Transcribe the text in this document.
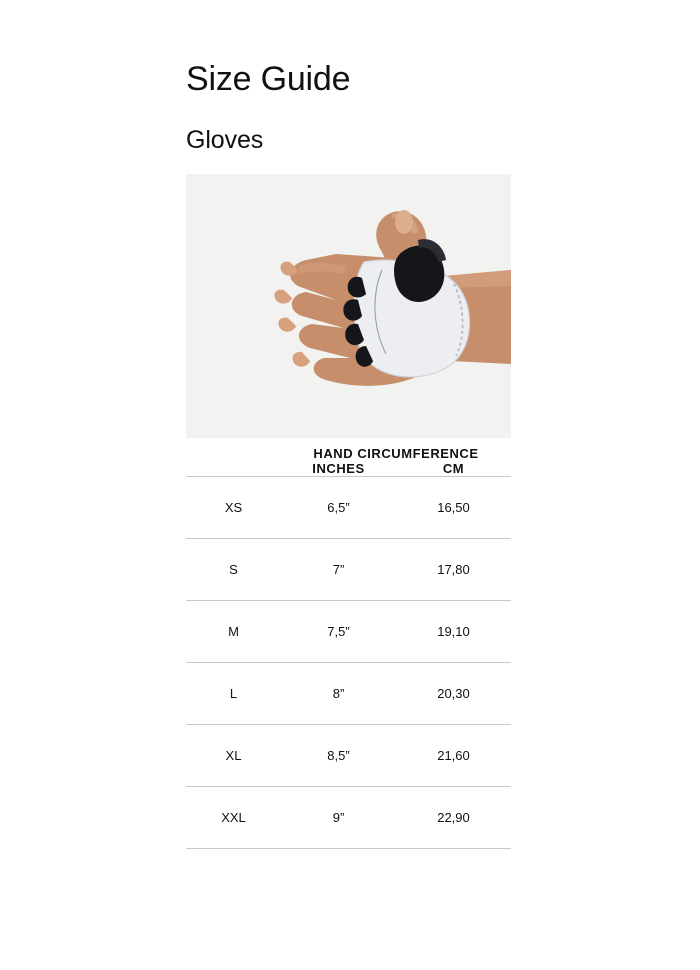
Size Guide
Gloves
	HAND CIRCUMFERENCE	
	INCHES	CM
XS	6,5”	16,50
S	7”	17,80
M	7,5”	19,10
L	8”	20,30
XL	8,5”	21,60
XXL	9”	22,90
